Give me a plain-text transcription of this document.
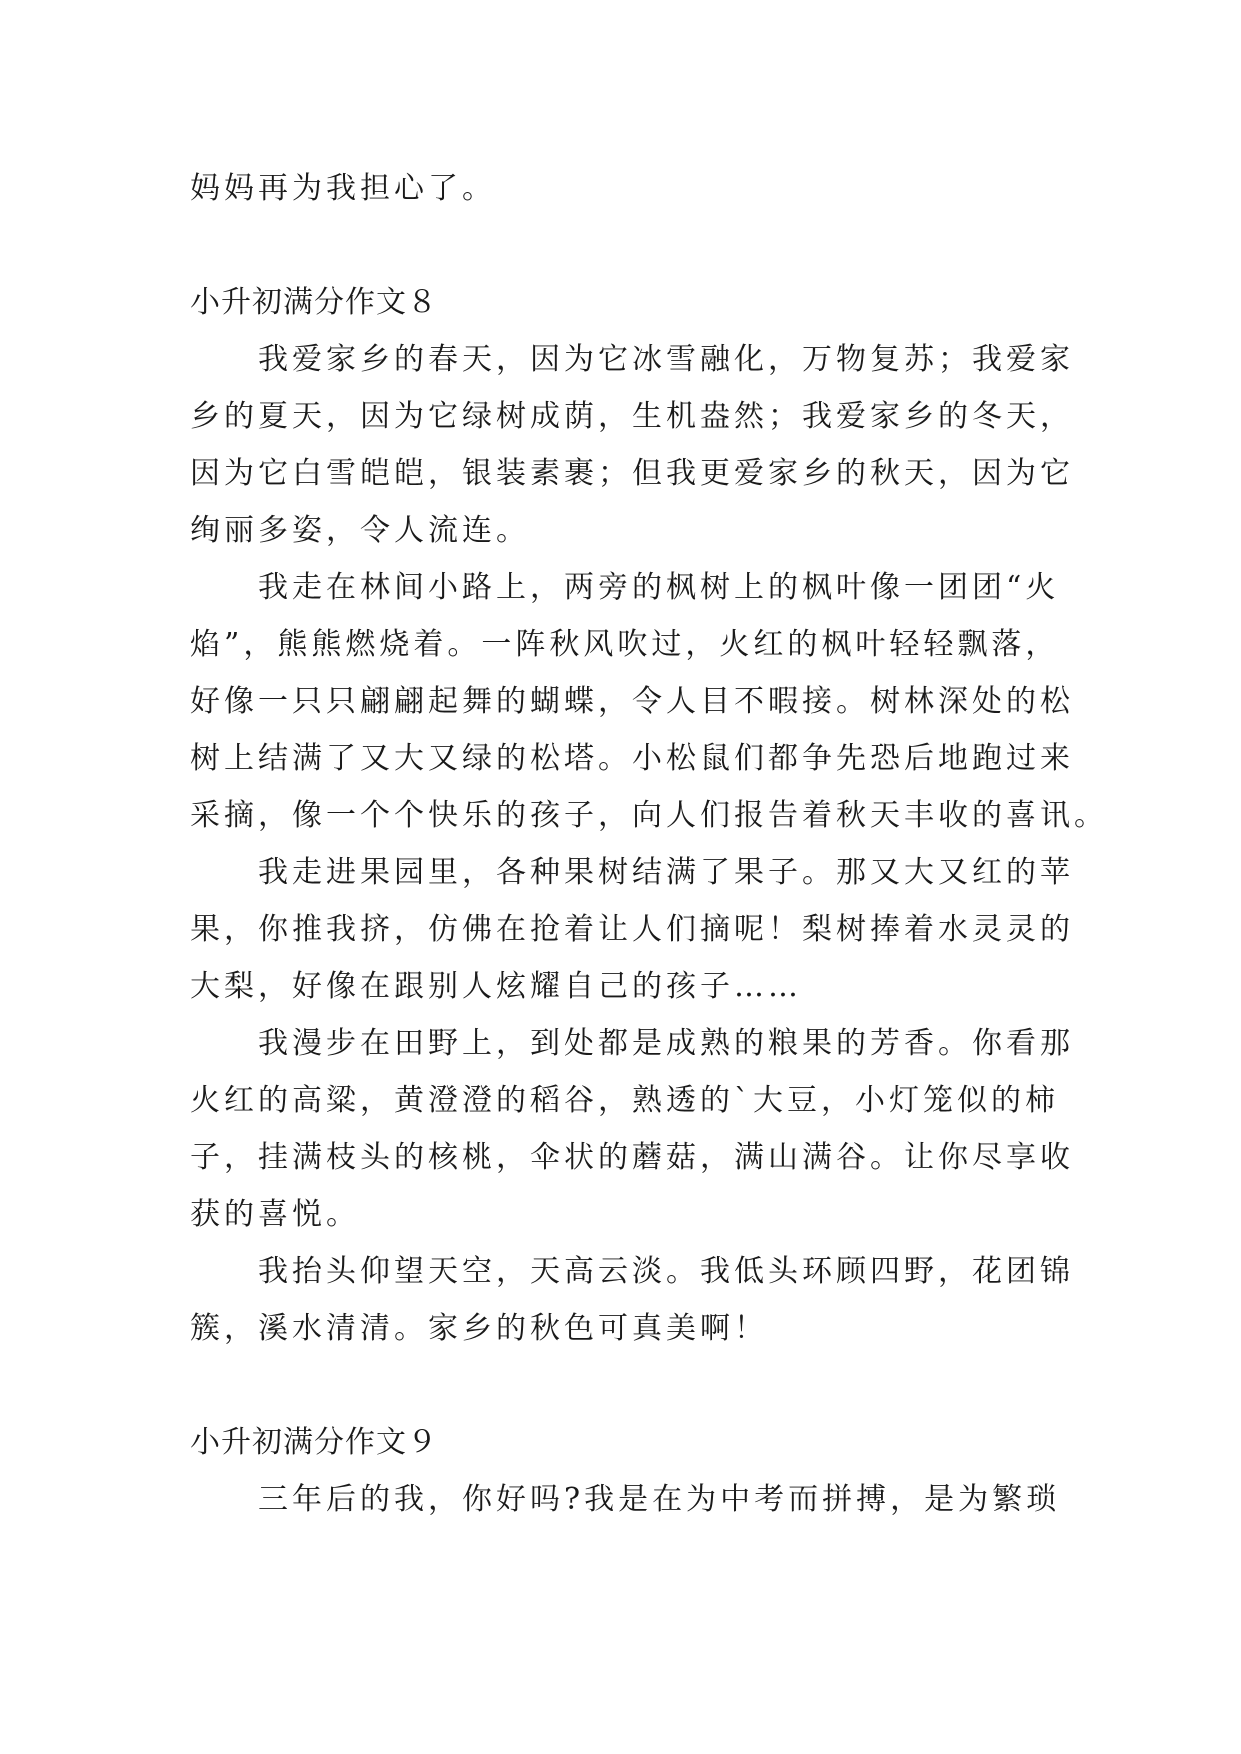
妈妈再为我担心了。
小升初满分作文８
我爱家乡的春天，因为它冰雪融化，万物复苏；我爱家
乡的夏天，因为它绿树成荫，生机盎然；我爱家乡的冬天，
因为它白雪皑皑，银装素裹；但我更爱家乡的秋天，因为它
绚丽多姿，令人流连。
我走在林间小路上，两旁的枫树上的枫叶像一团团“火
焰”，熊熊燃烧着。一阵秋风吹过，火红的枫叶轻轻飘落，
好像一只只翩翩起舞的蝴蝶，令人目不暇接。树林深处的松
树上结满了又大又绿的松塔。小松鼠们都争先恐后地跑过来
采摘，像一个个快乐的孩子，向人们报告着秋天丰收的喜讯。
我走进果园里，各种果树结满了果子。那又大又红的苹
果，你推我挤，仿佛在抢着让人们摘呢！梨树捧着水灵灵的
大梨，好像在跟别人炫耀自己的孩子……
我漫步在田野上，到处都是成熟的粮果的芳香。你看那
火红的高粱，黄澄澄的稻谷，熟透的`大豆，小灯笼似的柿
子，挂满枝头的核桃，伞状的蘑菇，满山满谷。让你尽享收
获的喜悦。
我抬头仰望天空，天高云淡。我低头环顾四野，花团锦
簇，溪水清清。家乡的秋色可真美啊！
小升初满分作文９
三年后的我，你好吗?我是在为中考而拼搏，是为繁琐
